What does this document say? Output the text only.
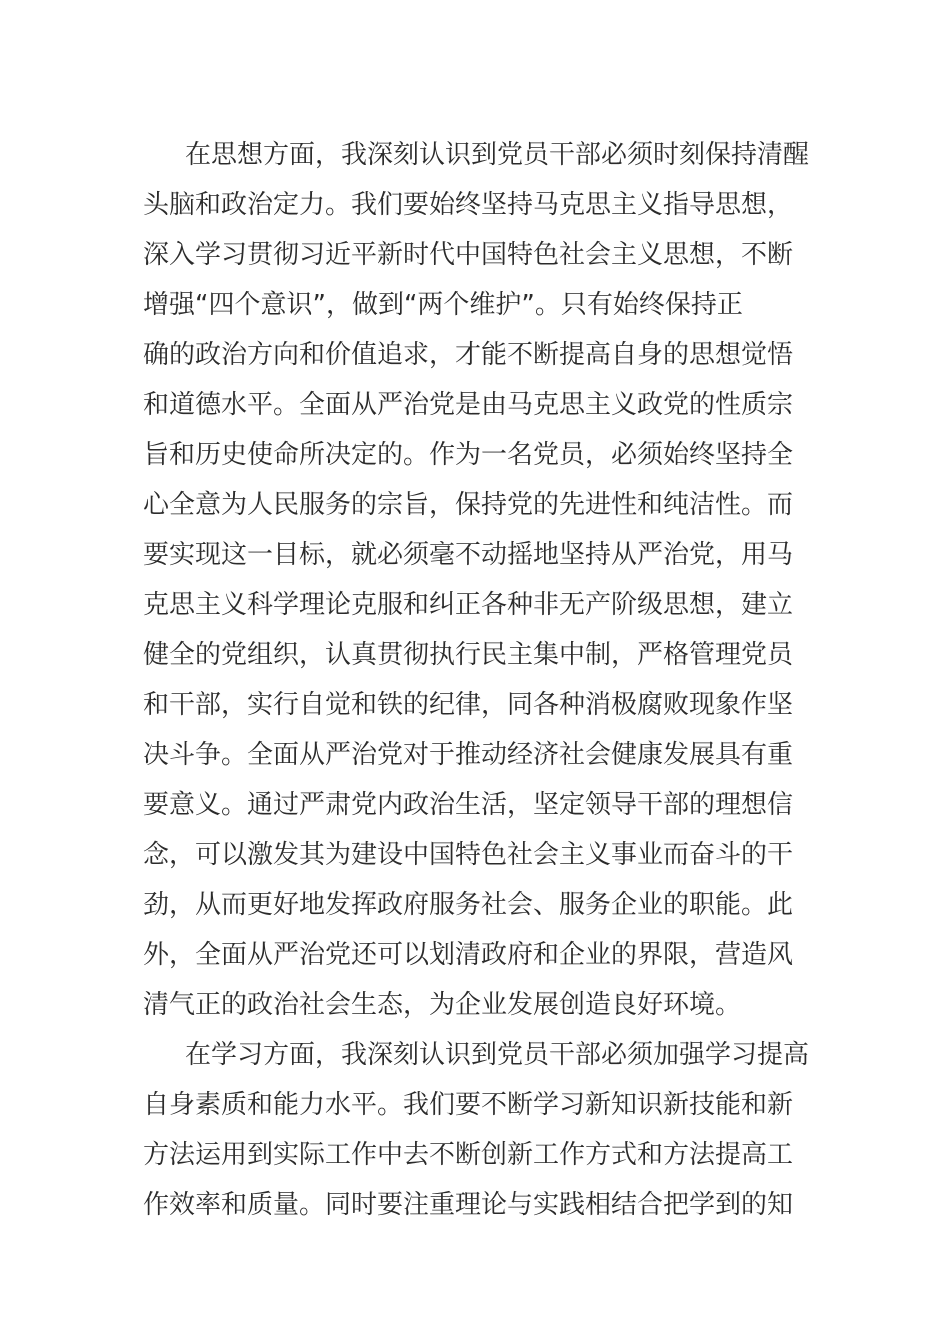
在思想方面，我深刻认识到党员干部必须时刻保持清醒
头脑和政治定力。我们要始终坚持马克思主义指导思想，
深入学习贯彻习近平新时代中国特色社会主义思想，不断
增强“四个意识”，做到“两个维护”。只有始终保持正
确的政治方向和价值追求，才能不断提高自身的思想觉悟
和道德水平。全面从严治党是由马克思主义政党的性质宗
旨和历史使命所决定的。作为一名党员，必须始终坚持全
心全意为人民服务的宗旨，保持党的先进性和纯洁性。而
要实现这一目标，就必须毫不动摇地坚持从严治党，用马
克思主义科学理论克服和纠正各种非无产阶级思想，建立
健全的党组织，认真贯彻执行民主集中制，严格管理党员
和干部，实行自觉和铁的纪律，同各种消极腐败现象作坚
决斗争。全面从严治党对于推动经济社会健康发展具有重
要意义。通过严肃党内政治生活，坚定领导干部的理想信
念，可以激发其为建设中国特色社会主义事业而奋斗的干
劲，从而更好地发挥政府服务社会、服务企业的职能。此
外，全面从严治党还可以划清政府和企业的界限，营造风
清气正的政治社会生态，为企业发展创造良好环境。
在学习方面，我深刻认识到党员干部必须加强学习提高
自身素质和能力水平。我们要不断学习新知识新技能和新
方法运用到实际工作中去不断创新工作方式和方法提高工
作效率和质量。同时要注重理论与实践相结合把学到的知
